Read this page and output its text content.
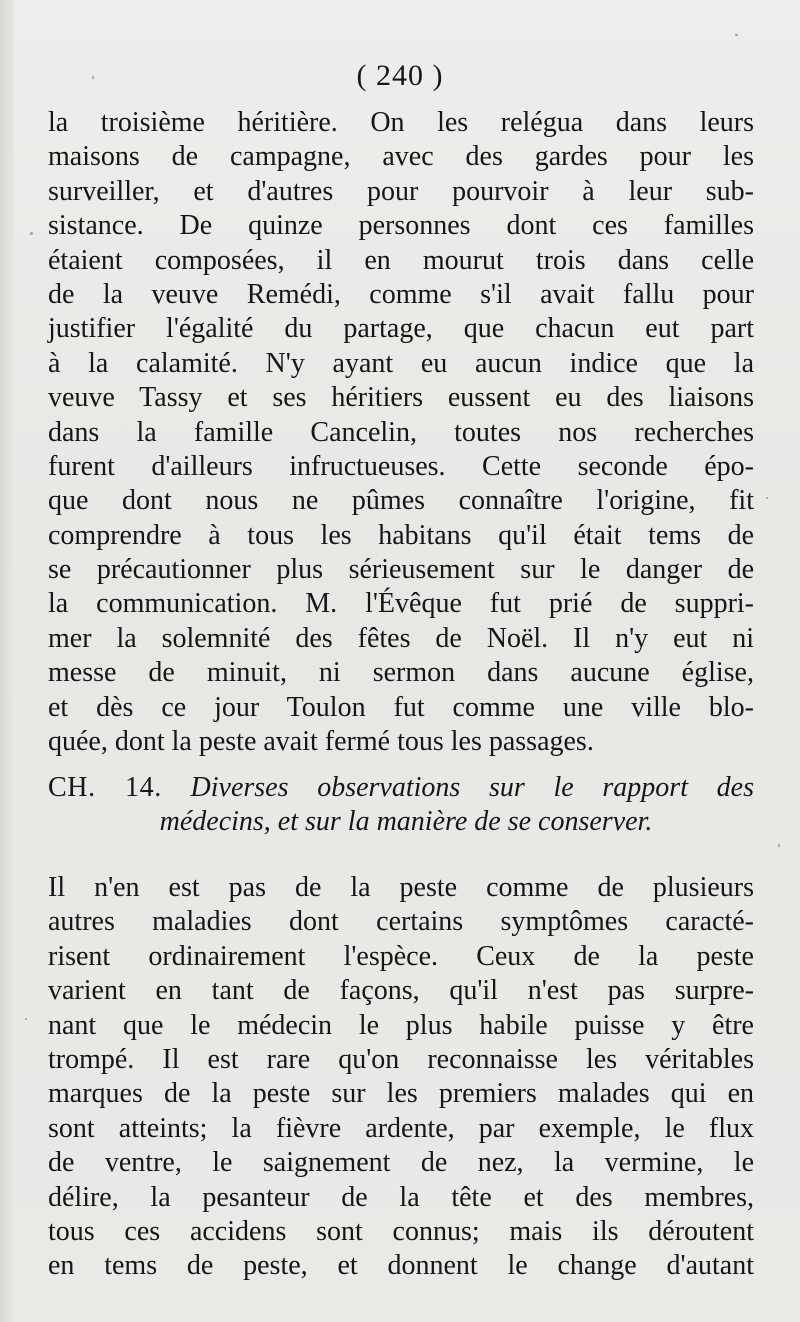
( 240 )
la troisième héritière. On les relégua dans leurs
maisons de campagne, avec des gardes pour les
surveiller, et d'autres pour pourvoir à leur sub-
sistance. De quinze personnes dont ces familles
étaient composées, il en mourut trois dans celle
de la veuve Remédi, comme s'il avait fallu pour
justifier l'égalité du partage, que chacun eut part
à la calamité. N'y ayant eu aucun indice que la
veuve Tassy et ses héritiers eussent eu des liaisons
dans la famille Cancelin, toutes nos recherches
furent d'ailleurs infructueuses. Cette seconde épo-
que dont nous ne pûmes connaître l'origine, fit
comprendre à tous les habitans qu'il était tems de
se précautionner plus sérieusement sur le danger de
la communication. M. l'Évêque fut prié de suppri-
mer la solemnité des fêtes de Noël. Il n'y eut ni
messe de minuit, ni sermon dans aucune église,
et dès ce jour Toulon fut comme une ville blo-
quée, dont la peste avait fermé tous les passages.
CH. 14. Diverses observations sur le rapport des
médecins, et sur la manière de se conserver.
Il n'en est pas de la peste comme de plusieurs
autres maladies dont certains symptômes caracté-
risent ordinairement l'espèce. Ceux de la peste
varient en tant de façons, qu'il n'est pas surpre-
nant que le médecin le plus habile puisse y être
trompé. Il est rare qu'on reconnaisse les véritables
marques de la peste sur les premiers malades qui en
sont atteints; la fièvre ardente, par exemple, le flux
de ventre, le saignement de nez, la vermine, le
délire, la pesanteur de la tête et des membres,
tous ces accidens sont connus; mais ils déroutent
en tems de peste, et donnent le change d'autant
